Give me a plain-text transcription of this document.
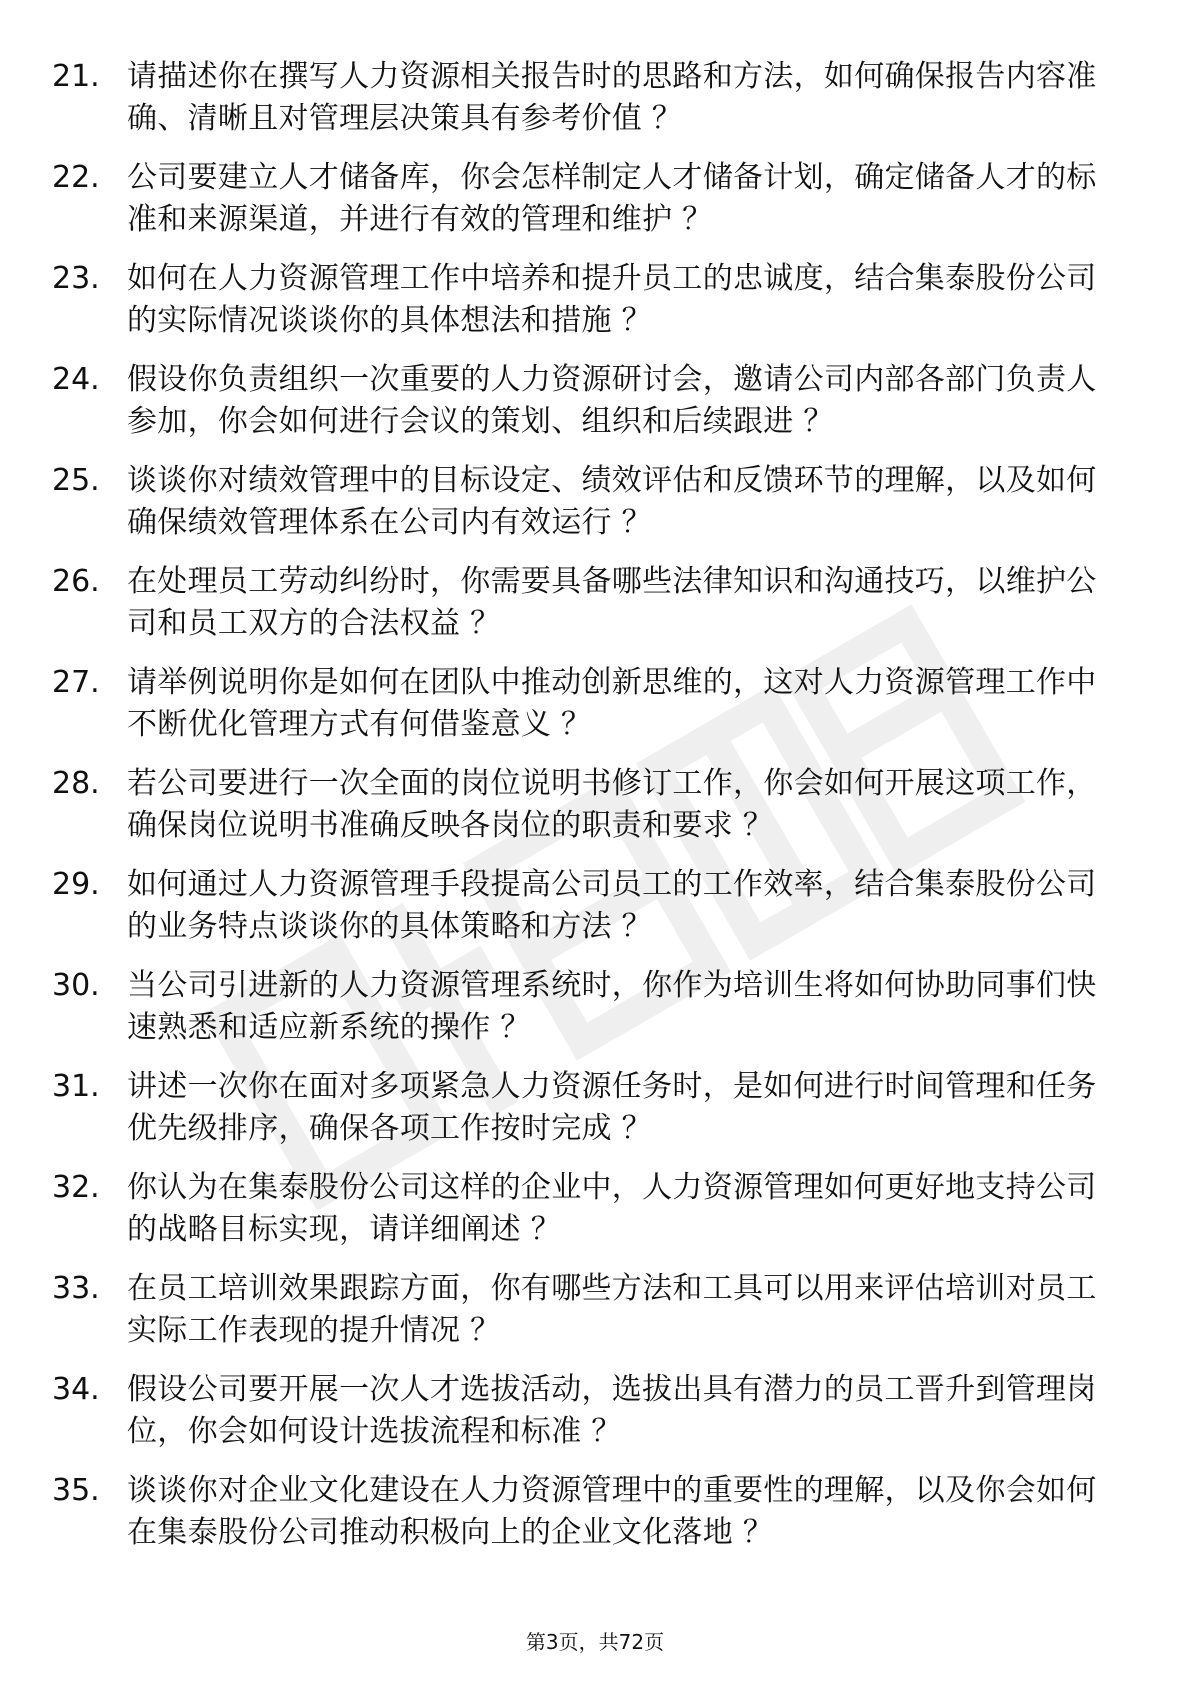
21. 请描述你在撰写人力资源相关报告时的思路和方法，如何确保报告内容准确、清晰且对管理层决策具有参考价值 ？
22. 公司要建立人才储备库，你会怎样制定人才储备计划，确定储备人才的标准和来源渠道，并进行有效的管理和维护 ？
23. 如何在人力资源管理工作中培养和提升员工的忠诚度，结合集泰股份公司的实际情况谈谈你的具体想法和措施 ？
24. 假设你负责组织一次重要的人力资源研讨会，邀请公司内部各部门负责人参加，你会如何进行会议的策划、组织和后续跟进 ？
25. 谈谈你对绩效管理中的目标设定、绩效评估和反馈环节的理解，以及如何确保绩效管理体系在公司内有效运行 ？
26. 在处理员工劳动纠纷时，你需要具备哪些法律知识和沟通技巧，以维护公司和员工双方的合法权益 ？
27. 请举例说明你是如何在团队中推动创新思维的，这对人力资源管理工作中不断优化管理方式有何借鉴意义 ？
28. 若公司要进行一次全面的岗位说明书修订工作，你会如何开展这项工作，确保岗位说明书准确反映各岗位的职责和要求 ？
29. 如何通过人力资源管理手段提高公司员工的工作效率，结合集泰股份公司的业务特点谈谈你的具体策略和方法 ？
30. 当公司引进新的人力资源管理系统时，你作为培训生将如何协助同事们快速熟悉和适应新系统的操作 ？
31. 讲述一次你在面对多项紧急人力资源任务时，是如何进行时间管理和任务优先级排序，确保各项工作按时完成 ？
32. 你认为在集泰股份公司这样的企业中，人力资源管理如何更好地支持公司的战略目标实现，请详细阐述 ？
33. 在员工培训效果跟踪方面，你有哪些方法和工具可以用来评估培训对员工实际工作表现的提升情况 ？
34. 假设公司要开展一次人才选拔活动，选拔出具有潜力的员工晋升到管理岗位，你会如何设计选拔流程和标准 ？
35. 谈谈你对企业文化建设在人力资源管理中的重要性的理解，以及你会如何在集泰股份公司推动积极向上的企业文化落地 ？
第3页，共72页
